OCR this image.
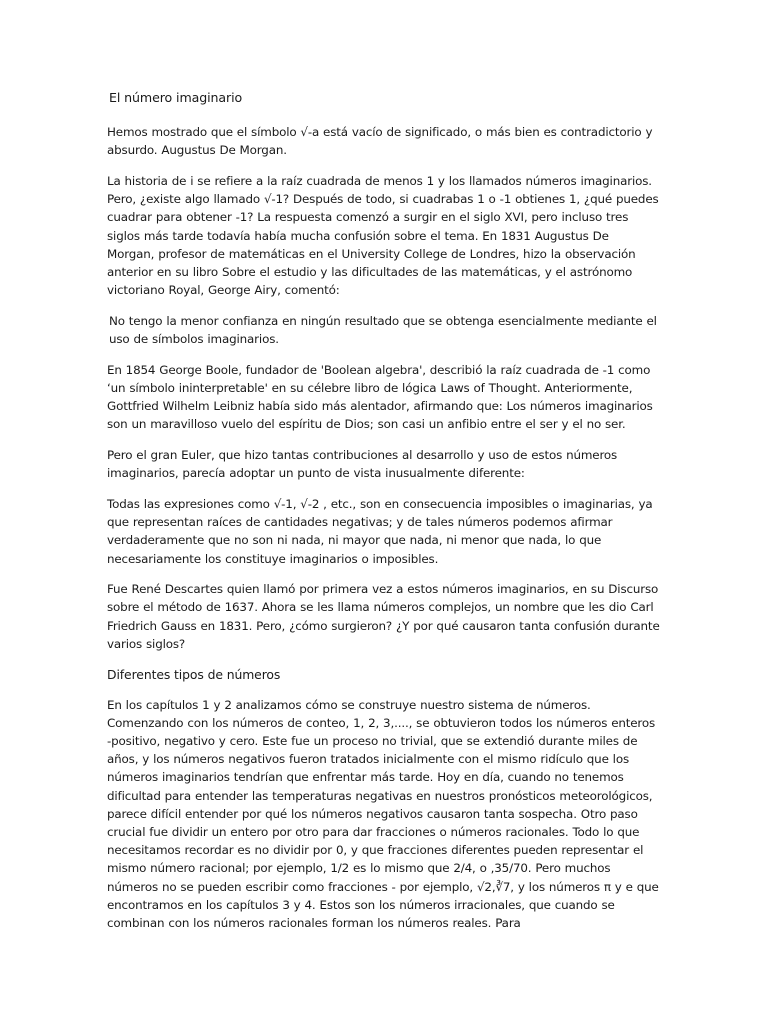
El número imaginario

Hemos mostrado que el símbolo √-a está vacío de significado, o más bien es contradictorio y absurdo. Augustus De Morgan.

La historia de i se refiere a la raíz cuadrada de menos 1 y los llamados números imaginarios. Pero, ¿existe algo llamado √-1? Después de todo, si cuadrabas 1 o -1 obtienes 1, ¿qué puedes cuadrar para obtener -1? La respuesta comenzó a surgir en el siglo XVI, pero incluso tres siglos más tarde todavía había mucha confusión sobre el tema. En 1831 Augustus De Morgan, profesor de matemáticas en el University College de Londres, hizo la observación anterior en su libro Sobre el estudio y las dificultades de las matemáticas, y el astrónomo victoriano Royal, George Airy, comentó:

No tengo la menor confianza en ningún resultado que se obtenga esencialmente mediante el uso de símbolos imaginarios.

En 1854 George Boole, fundador de 'Boolean algebra', describió la raíz cuadrada de -1 como ‘un símbolo ininterpretable' en su célebre libro de lógica Laws of Thought. Anteriormente, Gottfried Wilhelm Leibniz había sido más alentador, afirmando que: Los números imaginarios son un maravilloso vuelo del espíritu de Dios; son casi un anfibio entre el ser y el no ser.

Pero el gran Euler, que hizo tantas contribuciones al desarrollo y uso de estos números imaginarios, parecía adoptar un punto de vista inusualmente diferente:

Todas las expresiones como √-1, √-2 , etc., son en consecuencia imposibles o imaginarias, ya que representan raíces de cantidades negativas; y de tales números podemos afirmar verdaderamente que no son ni nada, ni mayor que nada, ni menor que nada, lo que necesariamente los constituye imaginarios o imposibles.

Fue René Descartes quien llamó por primera vez a estos números imaginarios, en su Discurso sobre el método de 1637. Ahora se les llama números complejos, un nombre que les dio Carl Friedrich Gauss en 1831. Pero, ¿cómo surgieron? ¿Y por qué causaron tanta confusión durante varios siglos?

Diferentes tipos de números

En los capítulos 1 y 2 analizamos cómo se construye nuestro sistema de números. Comenzando con los números de conteo, 1, 2, 3,...., se obtuvieron todos los números enteros -positivo, negativo y cero. Este fue un proceso no trivial, que se extendió durante miles de años, y los números negativos fueron tratados inicialmente con el mismo ridículo que los números imaginarios tendrían que enfrentar más tarde. Hoy en día, cuando no tenemos dificultad para entender las temperaturas negativas en nuestros pronósticos meteorológicos, parece difícil entender por qué los números negativos causaron tanta sospecha. Otro paso crucial fue dividir un entero por otro para dar fracciones o números racionales. Todo lo que necesitamos recordar es no dividir por 0, y que fracciones diferentes pueden representar el mismo número racional; por ejemplo, 1/2 es lo mismo que 2/4, o ,35/70. Pero muchos números no se pueden escribir como fracciones - por ejemplo, √2,∛7, y los números π y e que encontramos en los capítulos 3 y 4. Estos son los números irracionales, que cuando se combinan con los números racionales forman los números reales. Para
